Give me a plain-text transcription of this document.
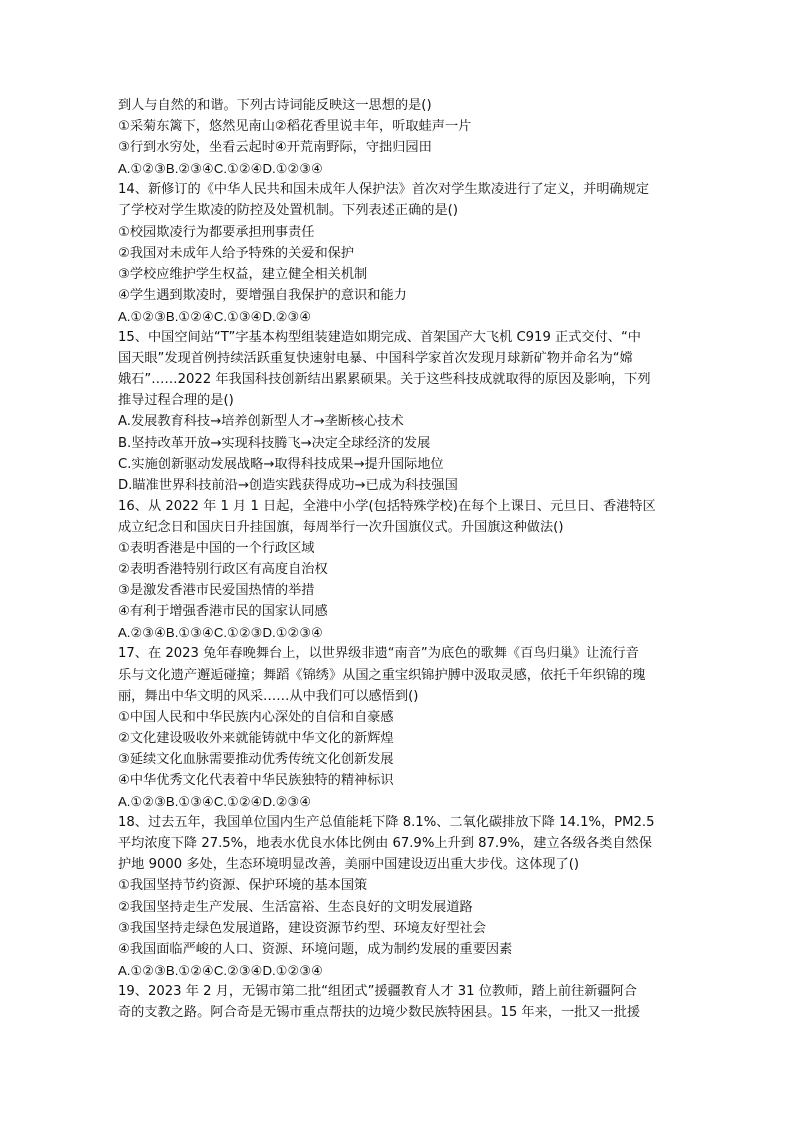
到人与自然的和谐。下列古诗词能反映这一思想的是()
①采菊东篱下，悠然见南山②稻花香里说丰年，听取蛙声一片
③行到水穷处，坐看云起时④开荒南野际，守拙归园田
A.①②③B.②③④C.①②④D.①②③④
14、新修订的《中华人民共和国未成年人保护法》首次对学生欺凌进行了定义，并明确规定
了学校对学生欺凌的防控及处置机制。下列表述正确的是()
①校园欺凌行为都要承担刑事责任
②我国对未成年人给予特殊的关爱和保护
③学校应维护学生权益，建立健全相关机制
④学生遇到欺凌时，要增强自我保护的意识和能力
A.①②③B.①②④C.①③④D.②③④
15、中国空间站“T”字基本构型组装建造如期完成、首架国产大飞机 C919 正式交付、“中
国天眼”发现首例持续活跃重复快速射电暴、中国科学家首次发现月球新矿物并命名为“嫦
娥石”……2022 年我国科技创新结出累累硕果。关于这些科技成就取得的原因及影响，下列
推导过程合理的是()
A.发展教育科技→培养创新型人才→垄断核心技术
B.坚持改革开放→实现科技腾飞→决定全球经济的发展
C.实施创新驱动发展战略→取得科技成果→提升国际地位
D.瞄准世界科技前沿→创造实践获得成功→已成为科技强国
16、从 2022 年 1 月 1 日起，全港中小学(包括特殊学校)在每个上课日、元旦日、香港特区
成立纪念日和国庆日升挂国旗，每周举行一次升国旗仪式。升国旗这种做法()
①表明香港是中国的一个行政区域
②表明香港特别行政区有高度自治权
③是激发香港市民爱国热情的举措
④有利于增强香港市民的国家认同感
A.②③④B.①③④C.①②③D.①②③④
17、在 2023 兔年春晚舞台上，以世界级非遗“南音”为底色的歌舞《百鸟归巢》让流行音
乐与文化遗产邂逅碰撞；舞蹈《锦绣》从国之重宝织锦护膊中汲取灵感，依托千年织锦的瑰
丽，舞出中华文明的风采……从中我们可以感悟到()
①中国人民和中华民族内心深处的自信和自豪感
②文化建设吸收外来就能铸就中华文化的新辉煌
③延续文化血脉需要推动优秀传统文化创新发展
④中华优秀文化代表着中华民族独特的精神标识
A.①②③B.①③④C.①②④D.②③④
18、过去五年，我国单位国内生产总值能耗下降 8.1%、二氧化碳排放下降 14.1%，PM2.5
平均浓度下降 27.5%，地表水优良水体比例由 67.9%上升到 87.9%，建立各级各类自然保
护地 9000 多处，生态环境明显改善，美丽中国建设迈出重大步伐。这体现了()
①我国坚持节约资源、保护环境的基本国策
②我国坚持走生产发展、生活富裕、生态良好的文明发展道路
③我国坚持走绿色发展道路，建设资源节约型、环境友好型社会
④我国面临严峻的人口、资源、环境问题，成为制约发展的重要因素
A.①②③B.①②④C.②③④D.①②③④
19、2023 年 2 月，无锡市第二批“组团式”援疆教育人才 31 位教师，踏上前往新疆阿合
奇的支教之路。阿合奇是无锡市重点帮扶的边境少数民族特困县。15 年来，一批又一批援
